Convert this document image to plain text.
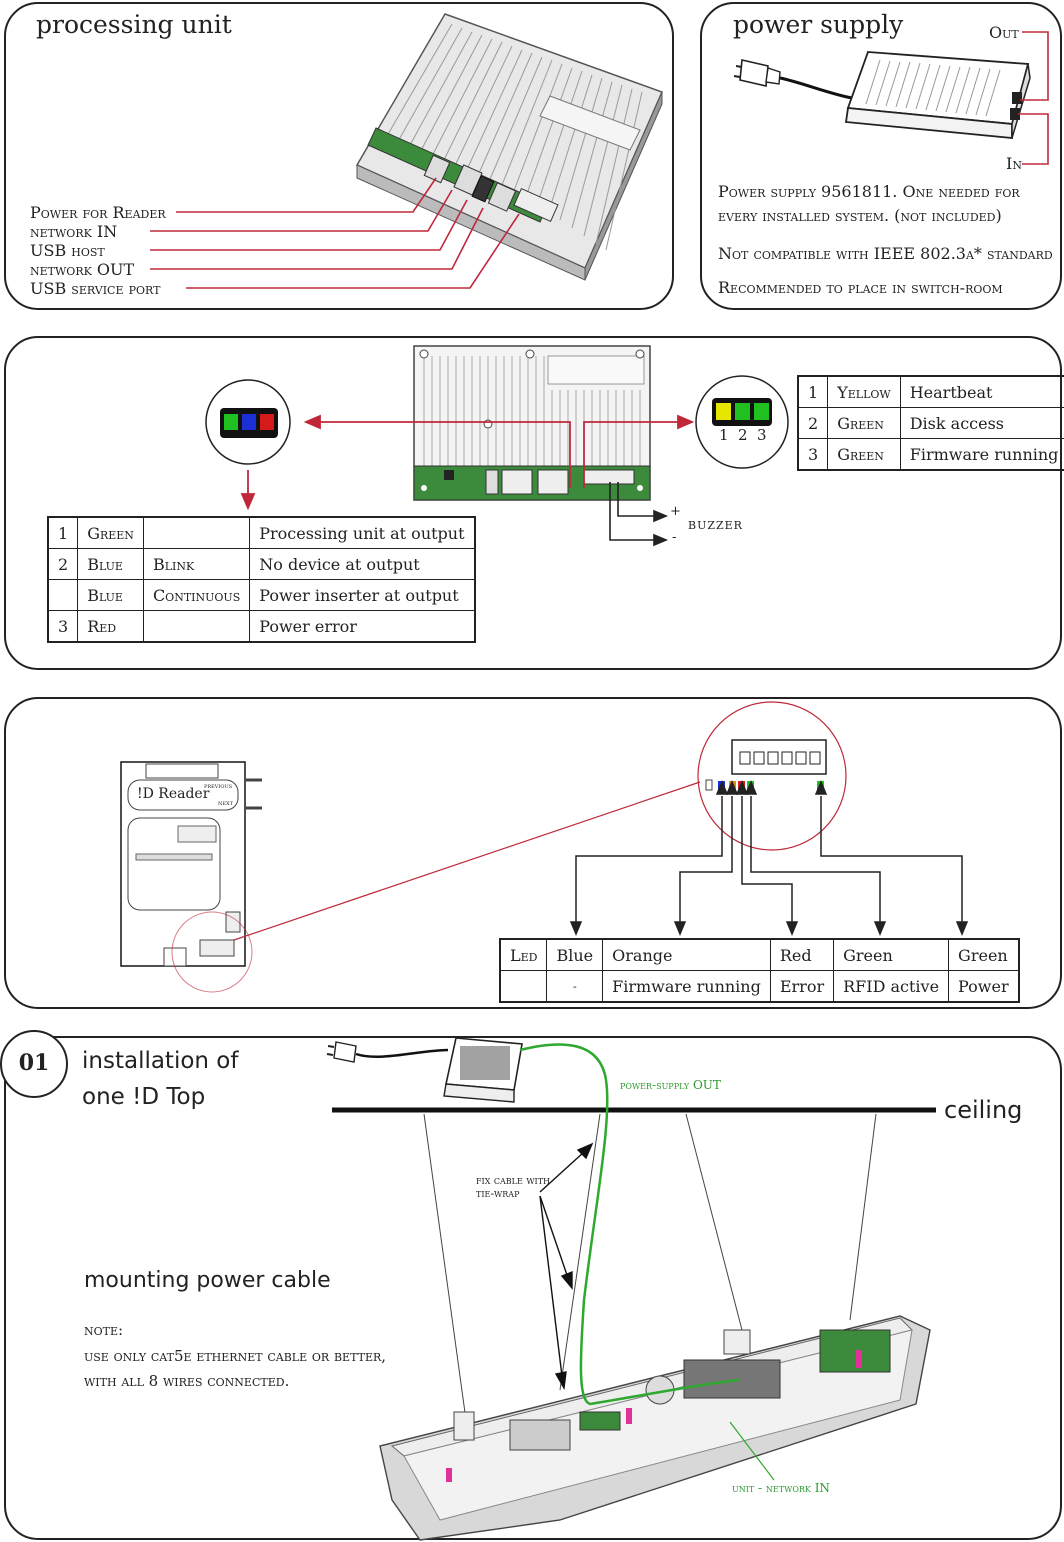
processing unit
Power for Reader
network IN
USB host
network OUT
USB service port
power supply	Out
In
Power supply 9561811. One needed for
every installed system. (not included)
Not compatible with IEEE 802.3a* standard
Recommended to place in switch-room
1 2 3
+
-
buzzer
1	Green		Processing unit at output
2	Blue	Blink	No device at output
	Blue	Continuous	Power inserter at output
3	Red		Power error
1	Yellow	Heartbeat
2	Green	Disk access
3	Green	Firmware running
!D Reader
previous
next
Led	Blue	Orange	Red	Green	Green
	-	Firmware running	Error	RFID active	Power
01	installation of
one !D Top	ceiling
power-supply OUT
fix cable with
tie-wrap
unit - network IN
mounting power cable
note:
use only cat5e ethernet cable or better,
with all 8 wires connected.
